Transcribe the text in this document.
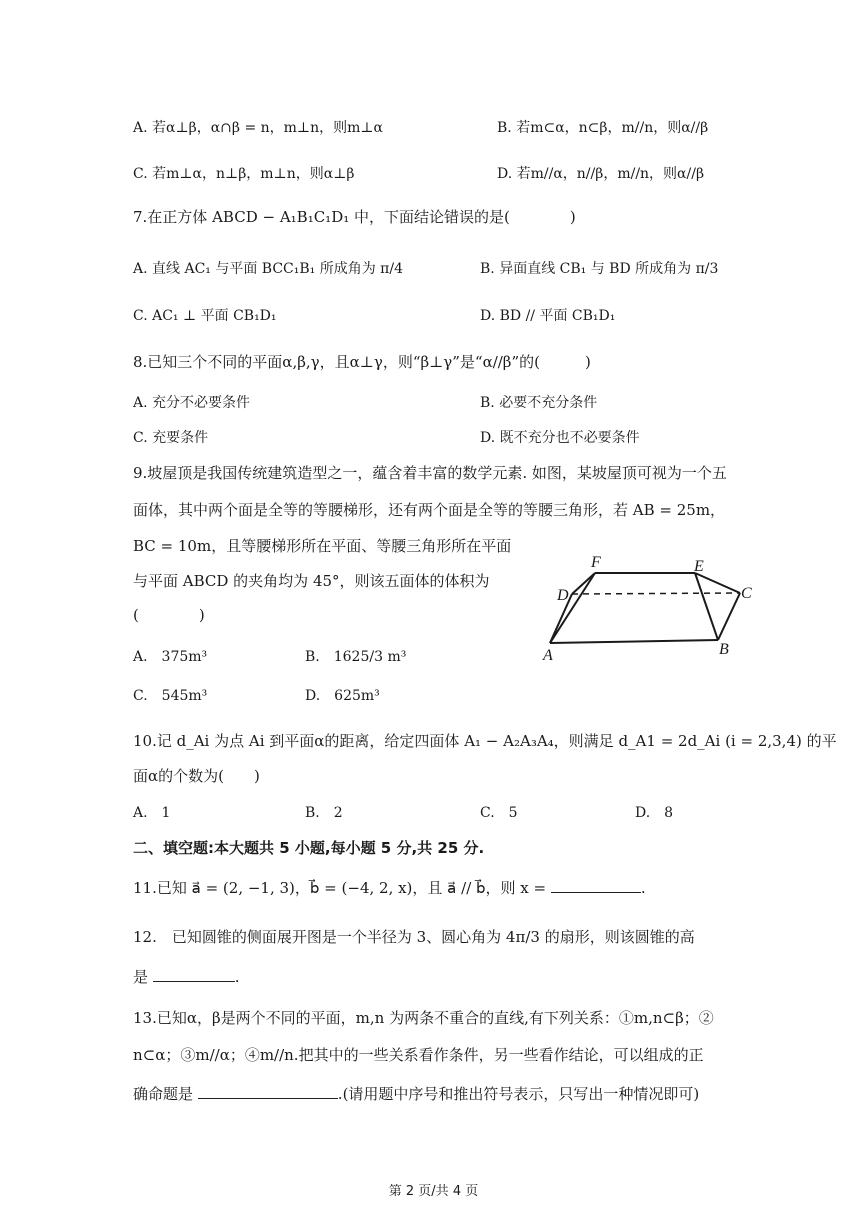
A. 若α⊥β，α∩β = n，m⊥n，则m⊥α	B. 若m⊂α，n⊂β，m//n，则α//β
C. 若m⊥α，n⊥β，m⊥n，则α⊥β	D. 若m//α，n//β，m//n，则α//β
7.在正方体 ABCD − A₁B₁C₁D₁ 中，下面结论错误的是(　　　　)
A. 直线 AC₁ 与平面 BCC₁B₁ 所成角为 π/4	B. 异面直线 CB₁ 与 BD 所成角为 π/3
C. AC₁ ⊥ 平面 CB₁D₁	D. BD // 平面 CB₁D₁
8.已知三个不同的平面α,β,γ，且α⊥γ，则“β⊥γ”是“α//β”的(　　　)
A. 充分不必要条件	B. 必要不充分条件
C. 充要条件	D. 既不充分也不必要条件
9.坡屋顶是我国传统建筑造型之一，蕴含着丰富的数学元素. 如图，某坡屋顶可视为一个五
面体，其中两个面是全等的等腰梯形，还有两个面是全等的等腰三角形，若 AB = 25m，
BC = 10m，且等腰梯形所在平面、等腰三角形所在平面
与平面 ABCD 的夹角均为 45°，则该五面体的体积为
(　　　　)
A.　375m³	B.　1625/3 m³
C.　545m³	D.　625m³
F	E
D	C
A	B
10.记 d_Ai 为点 Ai 到平面α的距离，给定四面体 A₁ − A₂A₃A₄，则满足 d_A1 = 2d_Ai (i = 2,3,4) 的平
面α的个数为(　　)
A.　1	B.　2	C.　5	D.　8
二、填空题:本大题共 5 小题,每小题 5 分,共 25 分.
11.已知 a⃗ = (2, −1, 3)，b⃗ = (−4, 2, x)，且 a⃗ // b⃗，则 x =	.
12.　已知圆锥的侧面展开图是一个半径为 3、圆心角为 4π/3 的扇形，则该圆锥的高
是	.
13.已知α，β是两个不同的平面，m,n 为两条不重合的直线,有下列关系：①m,n⊂β；②
n⊂α；③m//α；④m//n.把其中的一些关系看作条件，另一些看作结论，可以组成的正
确命题是	.(请用题中序号和推出符号表示，只写出一种情况即可)
第 2 页/共 4 页
